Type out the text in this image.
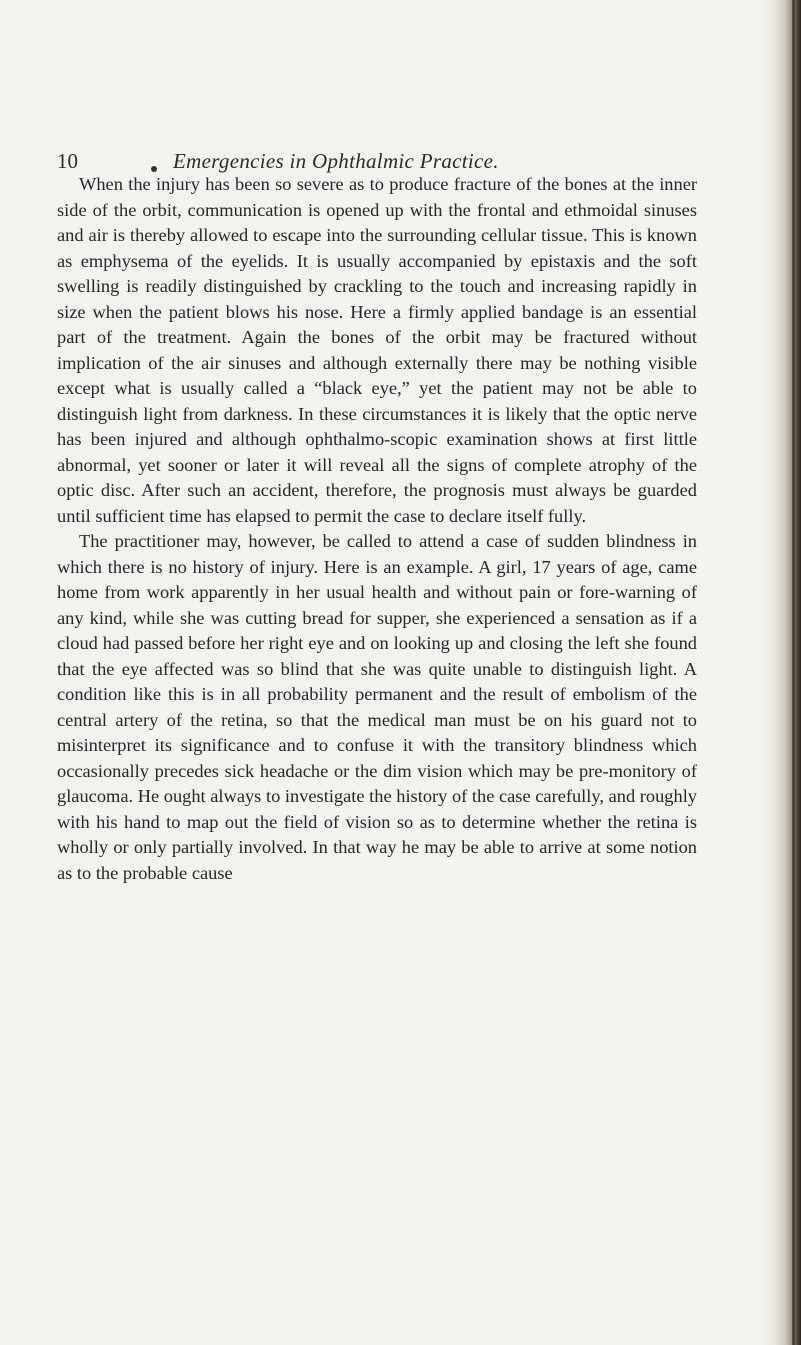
10	Emergencies in Ophthalmic Practice.

When the injury has been so severe as to produce fracture of the bones at the inner side of the orbit, communication is opened up with the frontal and ethmoidal sinuses and air is thereby allowed to escape into the surrounding cellular tissue. This is known as emphysema of the eyelids. It is usually accompanied by epistaxis and the soft swelling is readily distinguished by crackling to the touch and increasing rapidly in size when the patient blows his nose. Here a firmly applied bandage is an essential part of the treatment. Again the bones of the orbit may be fractured without implication of the air sinuses and although externally there may be nothing visible except what is usually called a “black eye,” yet the patient may not be able to distinguish light from darkness. In these circumstances it is likely that the optic nerve has been injured and although ophthalmo-scopic examination shows at first little abnormal, yet sooner or later it will reveal all the signs of complete atrophy of the optic disc. After such an accident, therefore, the prognosis must always be guarded until sufficient time has elapsed to permit the case to declare itself fully.

The practitioner may, however, be called to attend a case of sudden blindness in which there is no history of injury. Here is an example. A girl, 17 years of age, came home from work apparently in her usual health and without pain or fore-warning of any kind, while she was cutting bread for supper, she experienced a sensation as if a cloud had passed before her right eye and on looking up and closing the left she found that the eye affected was so blind that she was quite unable to distinguish light. A condition like this is in all probability permanent and the result of embolism of the central artery of the retina, so that the medical man must be on his guard not to misinterpret its significance and to confuse it with the transitory blindness which occasionally precedes sick headache or the dim vision which may be pre-monitory of glaucoma. He ought always to investigate the history of the case carefully, and roughly with his hand to map out the field of vision so as to determine whether the retina is wholly or only partially involved. In that way he may be able to arrive at some notion as to the probable cause
